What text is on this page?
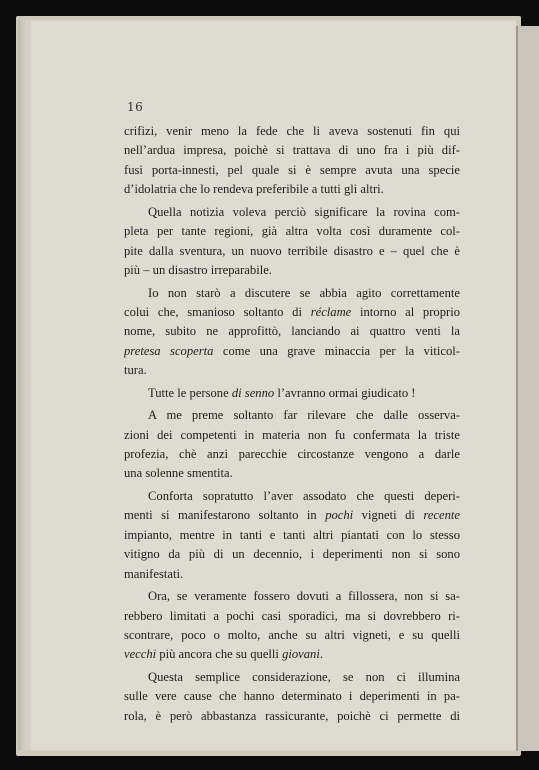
16
crifizi, venir meno la fede che li aveva sostenuti fin qui
nell’ardua impresa, poichè si trattava di uno fra i più dif-
fusi porta-innesti, pel quale si è sempre avuta una specie
d’idolatria che lo rendeva preferibile a tutti gli altri.
Quella notizia voleva perciò significare la rovina com-
pleta per tante regioni, già altra volta così duramente col-
pite dalla sventura, un nuovo terribile disastro e – quel che è
più – un disastro irreparabile.
Io non starò a discutere se abbia agito correttamente
colui che, smanioso soltanto di réclame intorno al proprio
nome, subito ne approfittò, lanciando ai quattro venti la
pretesa scoperta come una grave minaccia per la viticol-
tura.
Tutte le persone di senno l’avranno ormai giudicato !
A me preme soltanto far rilevare che dalle osserva-
zioni dei competenti in materia non fu confermata la triste
profezia, chè anzi parecchie circostanze vengono a darle
una solenne smentita.
Conforta sopratutto l’aver assodato che questi deperi-
menti si manifestarono soltanto in pochi vigneti di recente
impianto, mentre in tanti e tanti altri piantati con lo stesso
vitigno da più di un decennio, i deperimenti non si sono
manifestati.
Ora, se veramente fossero dovuti a fillossera, non si sa-
rebbero limitati a pochi casi sporadici, ma si dovrebbero ri-
scontrare, poco o molto, anche su altri vigneti, e su quelli
vecchi più ancora che su quelli giovani.
Questa semplice considerazione, se non ci illumina
sulle vere cause che hanno determinato i deperimenti in pa-
rola, è però abbastanza rassicurante, poichè ci permette di
